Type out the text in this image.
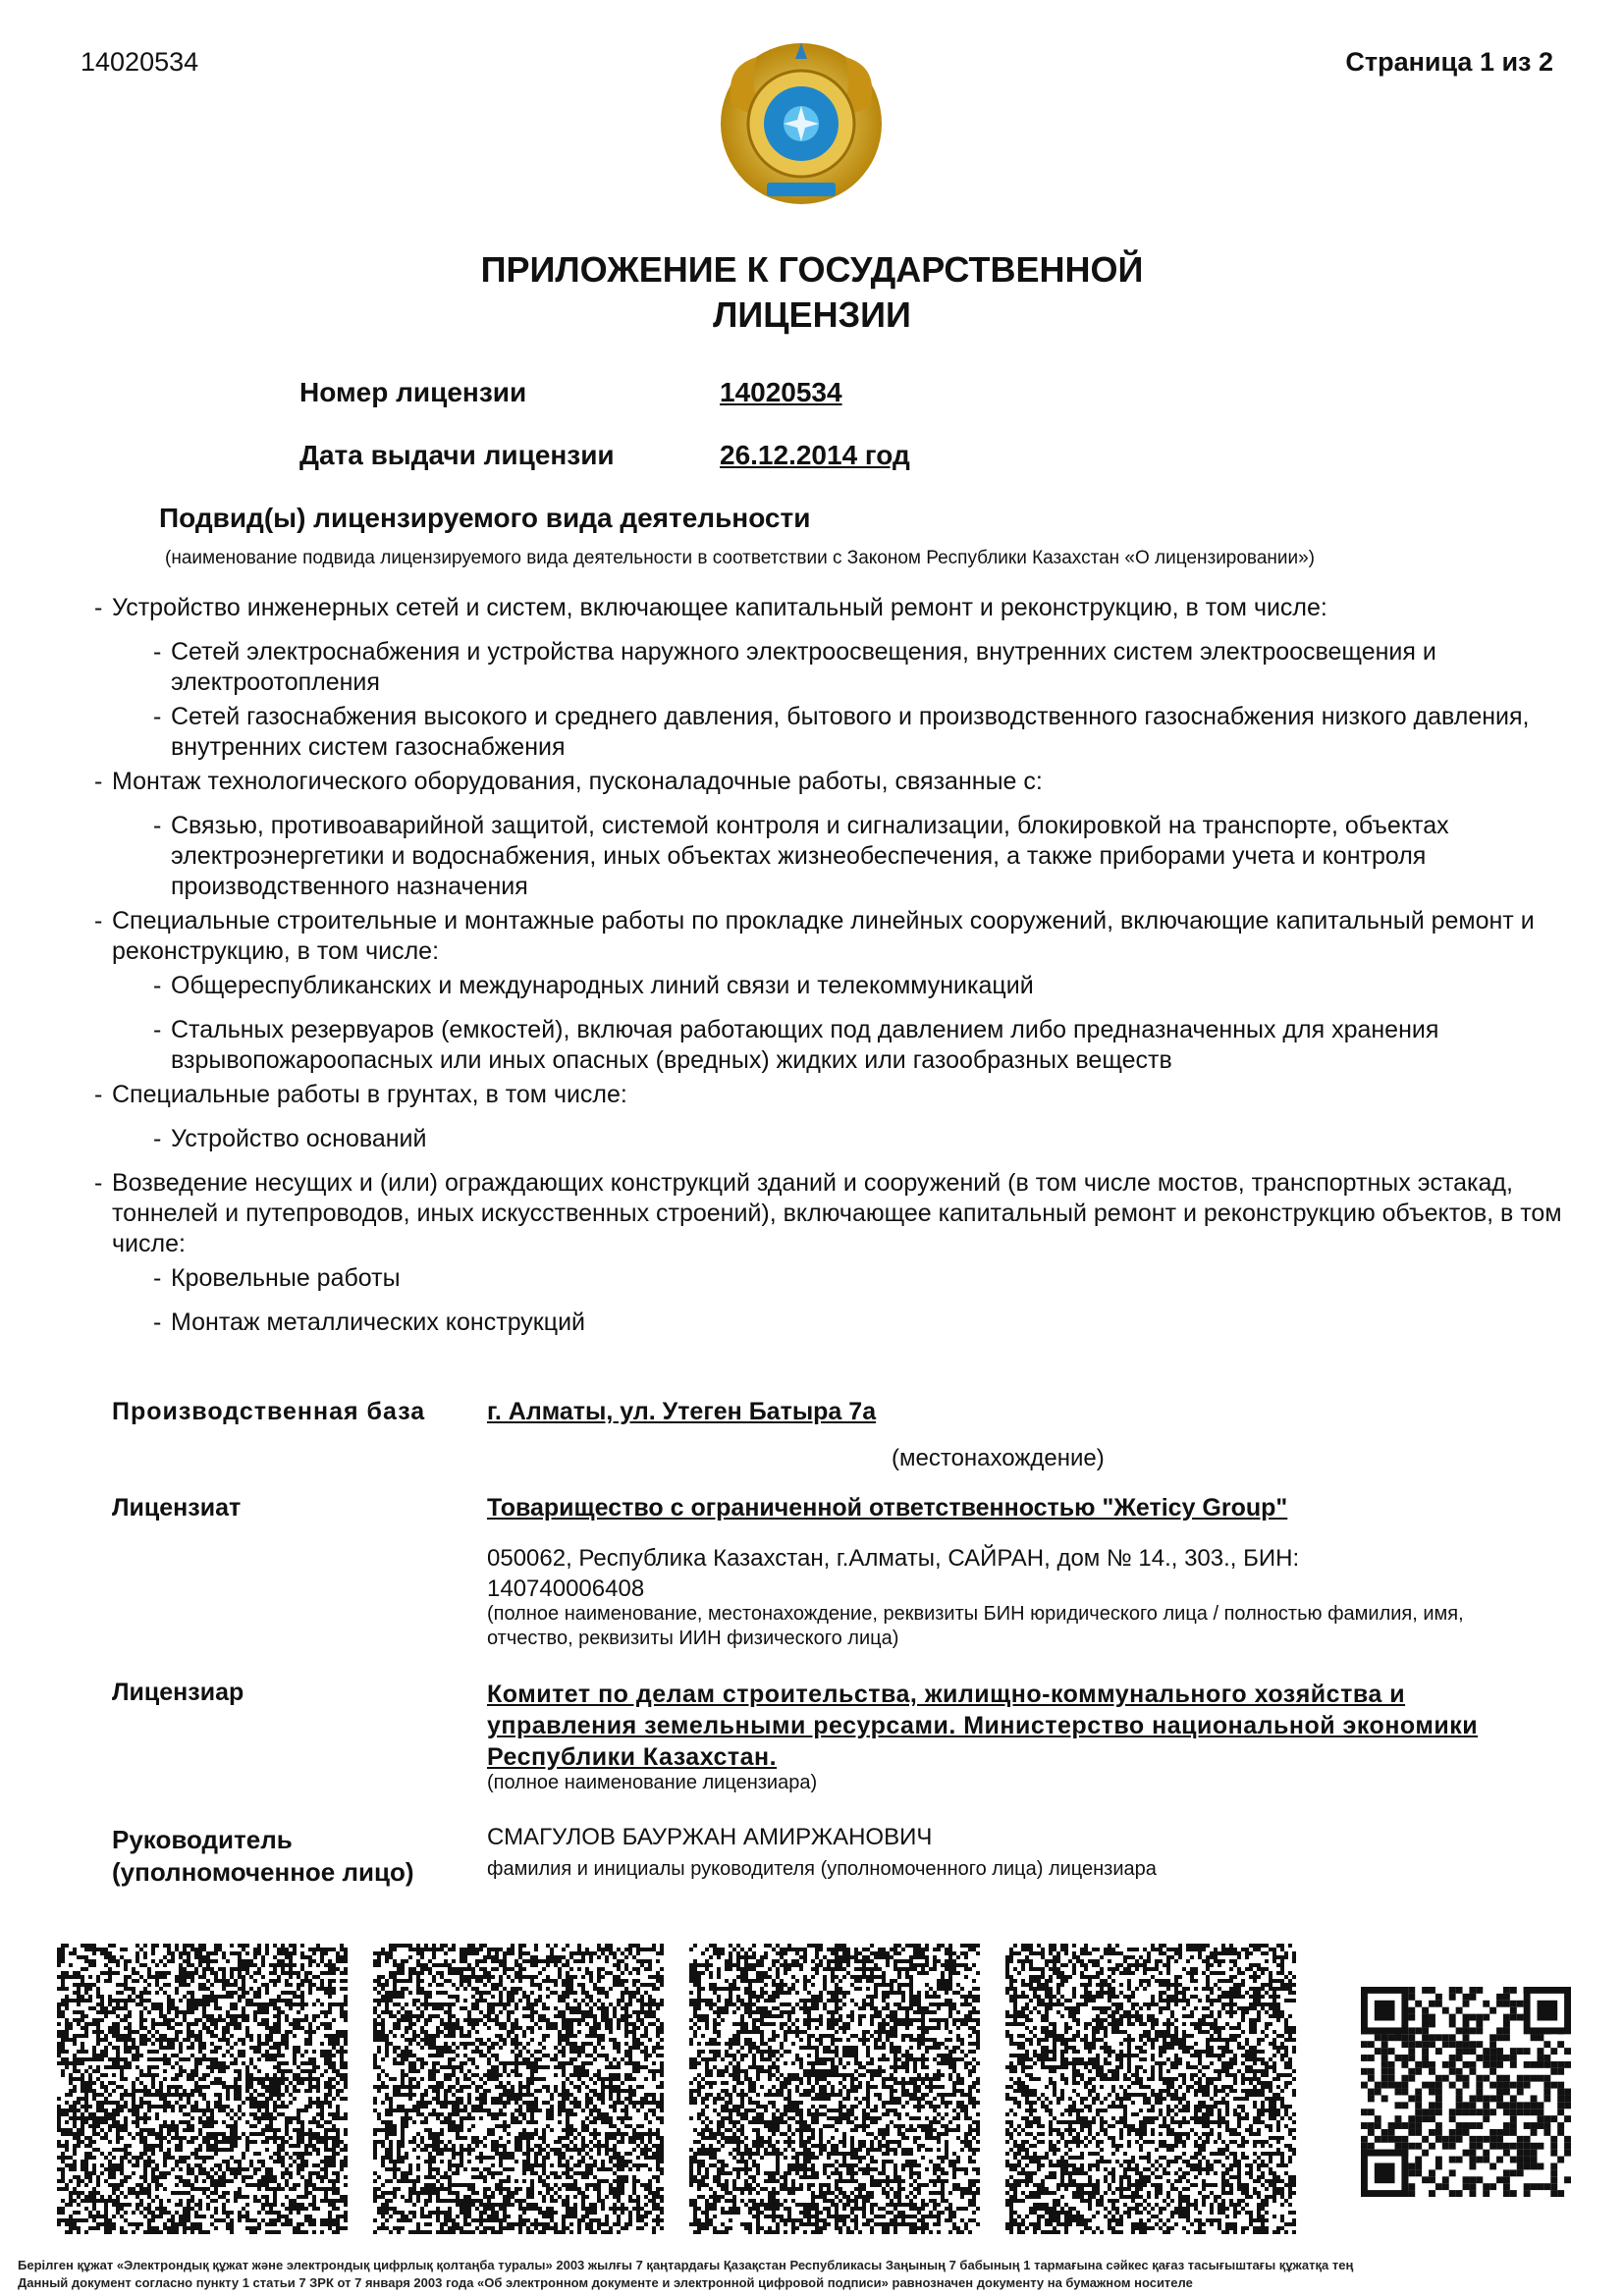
14020534	Страница 1 из 2
ПРИЛОЖЕНИЕ К ГОСУДАРСТВЕННОЙ
ЛИЦЕНЗИИ
Номер лицензии	14020534
Дата выдачи лицензии	26.12.2014 год
Подвид(ы) лицензируемого вида деятельности
(наименование подвида лицензируемого вида деятельности в соответствии с Законом Республики Казахстан «О лицензировании»)
- Устройство инженерных сетей и систем, включающее капитальный ремонт и реконструкцию, в том числе:
- Сетей электроснабжения и устройства наружного электроосвещения, внутренних систем электроосвещения и электроотопления
- Сетей газоснабжения высокого и среднего давления, бытового и производственного газоснабжения низкого давления, внутренних систем газоснабжения
- Монтаж технологического оборудования, пусконаладочные работы, связанные с:
- Связью, противоаварийной защитой, системой контроля и сигнализации, блокировкой на транспорте, объектах электроэнергетики и водоснабжения, иных объектах жизнеобеспечения, а также приборами учета и контроля производственного назначения
- Специальные строительные и монтажные работы по прокладке линейных сооружений, включающие капитальный ремонт и реконструкцию, в том числе:
- Общереспубликанских и международных линий связи и телекоммуникаций
- Стальных резервуаров (емкостей), включая работающих под давлением либо предназначенных для хранения взрывопожароопасных или иных опасных (вредных) жидких или газообразных веществ
- Специальные работы в грунтах, в том числе:
- Устройство оснований
- Возведение несущих и (или) ограждающих конструкций зданий и сооружений (в том числе мостов, транспортных эстакад, тоннелей и путепроводов, иных искусственных строений), включающее капитальный ремонт и реконструкцию объектов, в том числе:
- Кровельные работы
- Монтаж металлических конструкций
Производственная база	г. Алматы, ул. Утеген Батыра 7а
(местонахождение)
Лицензиат	Товарищество с ограниченной ответственностью "Жетісу Group"
050062, Республика Казахстан, г.Алматы, САЙРАН, дом № 14., 303., БИН: 140740006408
(полное наименование, местонахождение, реквизиты БИН юридического лица / полностью фамилия, имя, отчество, реквизиты ИИН физического лица)
Лицензиар	Комитет по делам строительства, жилищно-коммунального хозяйства и
управления земельными ресурсами. Министерство национальной экономики
Республики Казахстан.
(полное наименование лицензиара)
Руководитель
(уполномоченное лицо)
СМАГУЛОВ БАУРЖАН АМИРЖАНОВИЧ
фамилия и инициалы руководителя (уполномоченного лица) лицензиара
Берілген құжат «Электрондық құжат және электрондық цифрлық қолтаңба туралы» 2003 жылғы 7 қаңтардағы Қазақстан Республикасы Заңының 7 бабының 1 тармағына сәйкес қағаз тасығыштағы құжатқа тең
Данный документ согласно пункту 1 статьи 7 ЗРК от 7 января 2003 года «Об электронном документе и электронной цифровой подписи» равнозначен документу на бумажном носителе
